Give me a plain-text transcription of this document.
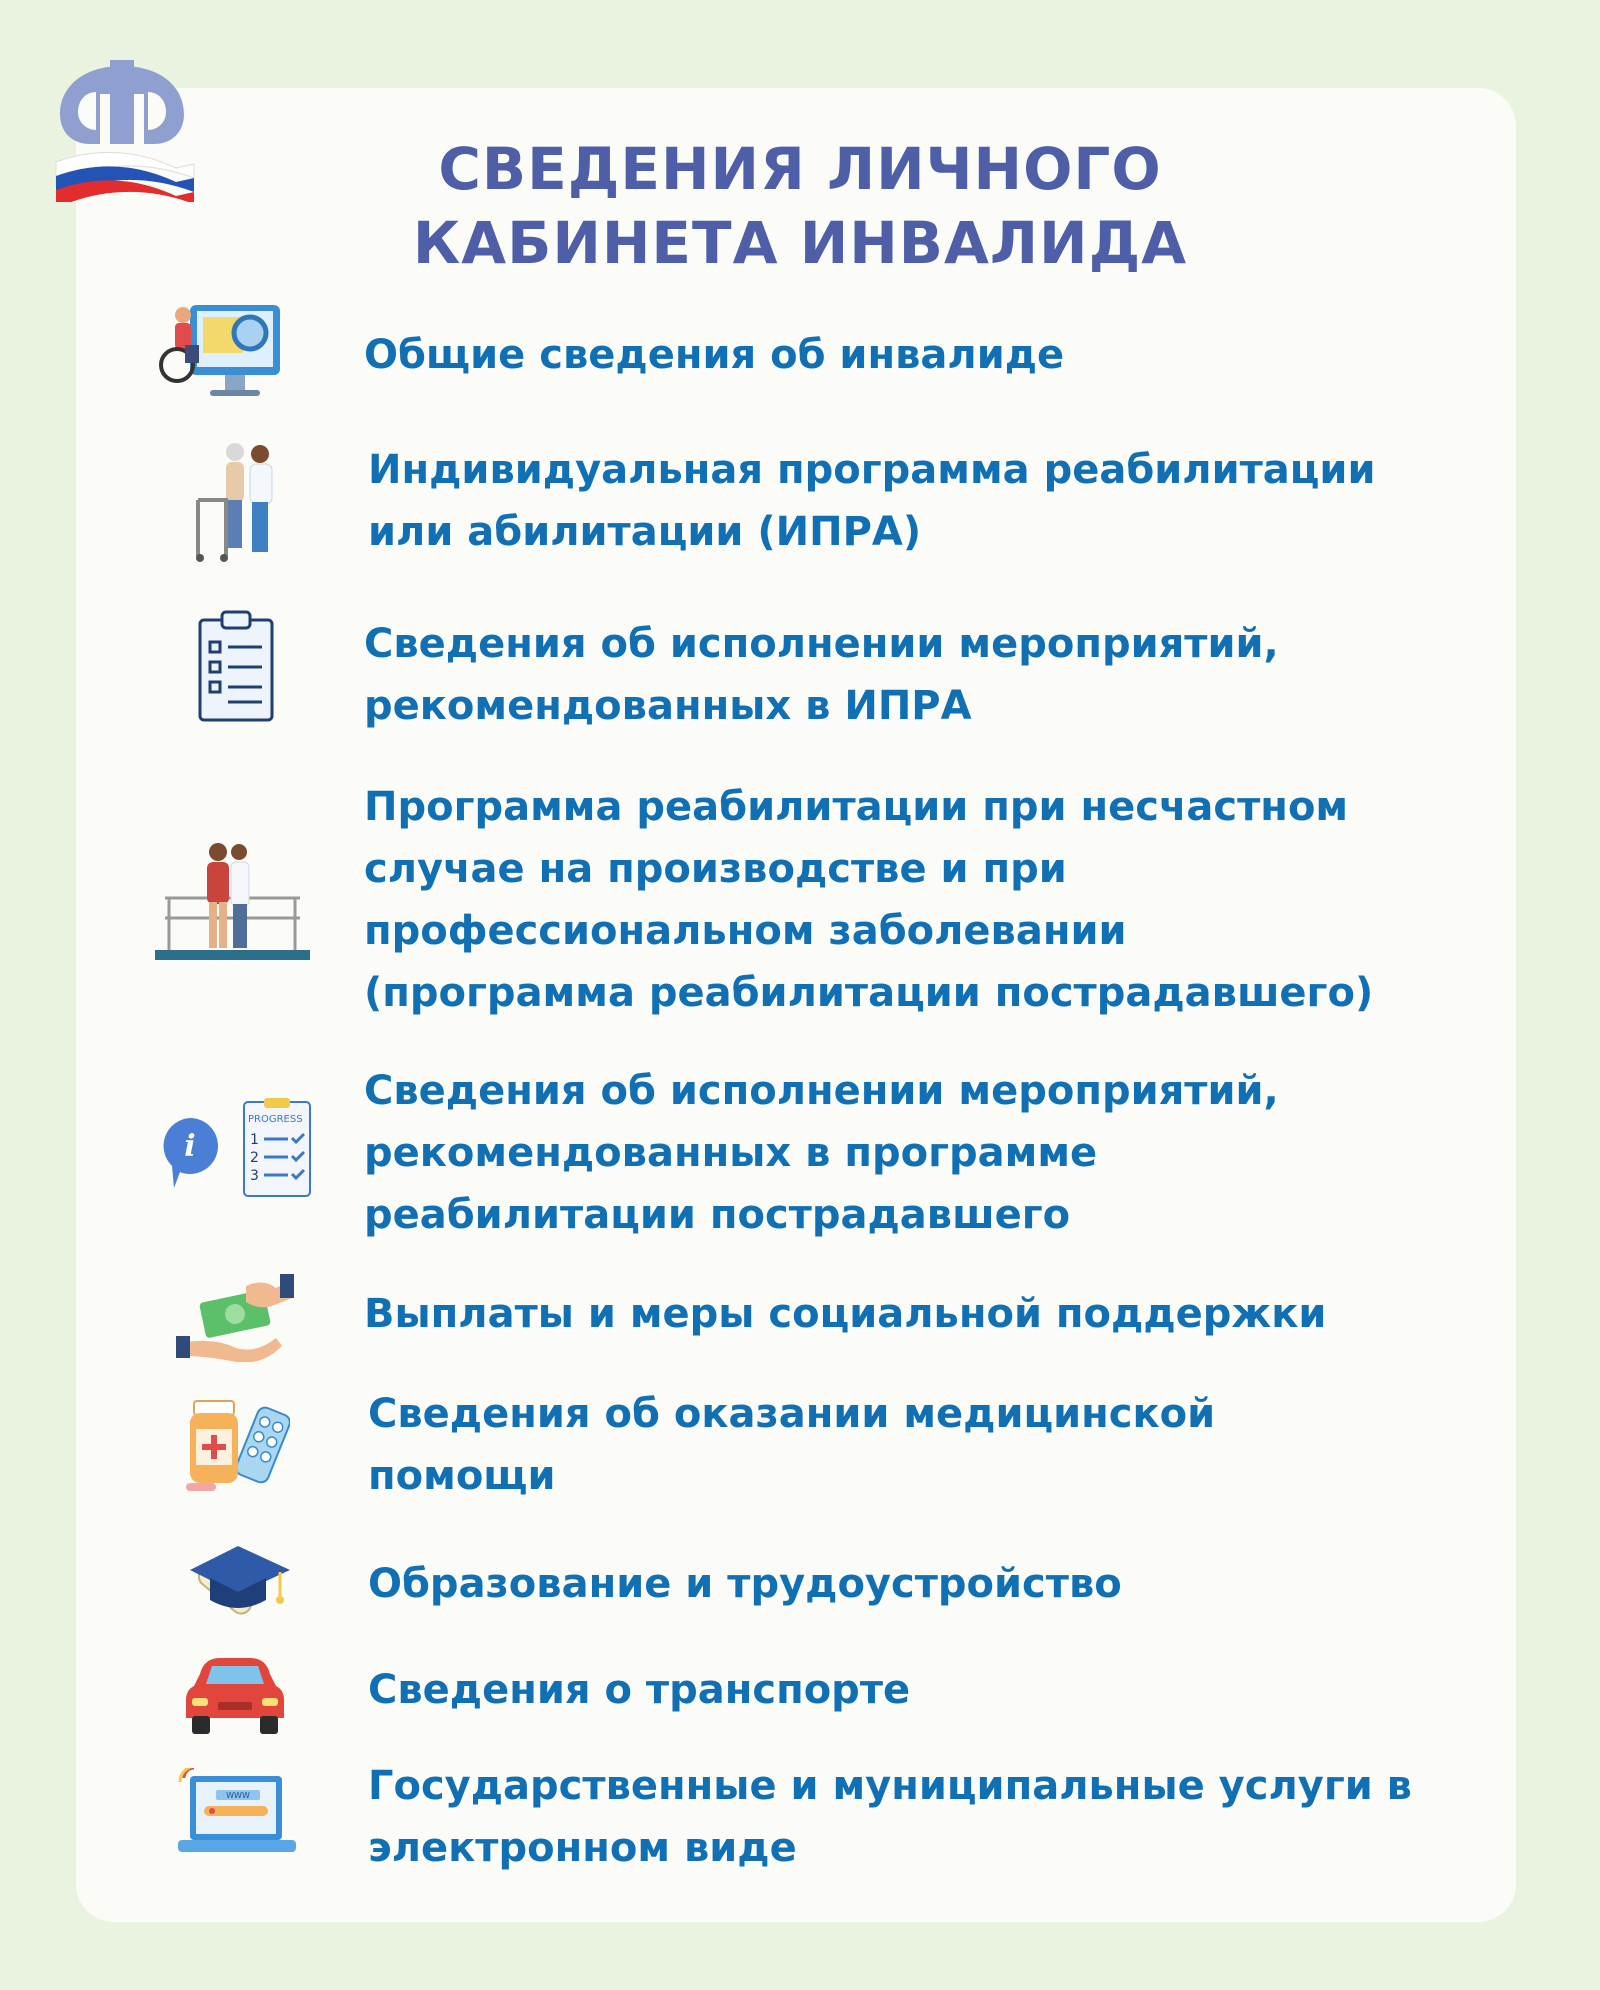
СВЕДЕНИЯ ЛИЧНОГО
КАБИНЕТА ИНВАЛИДА
Общие сведения об инвалиде
Индивидуальная программа реабилитации
или абилитации (ИПРА)
Сведения об исполнении мероприятий,
рекомендованных в ИПРА
Программа реабилитации при несчастном
случае на производстве и при
профессиональном заболевании
(программа реабилитации пострадавшего)
i
PROGRESS
1
2
3
Сведения об исполнении мероприятий,
рекомендованных в программе
реабилитации пострадавшего
Выплаты и меры социальной поддержки
Сведения об оказании медицинской
помощи
Образование и трудоустройство
Сведения о транспорте
WWW	Государственные и муниципальные услуги в
электронном виде
